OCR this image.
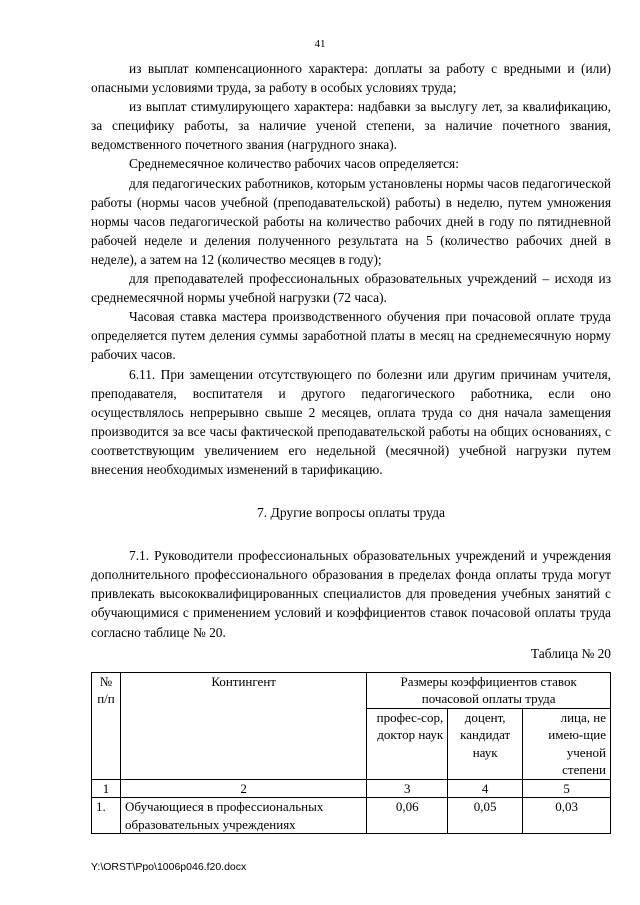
41

из выплат компенсационного характера: доплаты за работу с вредными и (или) опасными условиями труда, за работу в особых условиях труда;

из выплат стимулирующего характера: надбавки за выслугу лет, за квалификацию, за специфику работы, за наличие ученой степени, за наличие почетного звания, ведомственного почетного звания (нагрудного знака).

Среднемесячное количество рабочих часов определяется:

для педагогических работников, которым установлены нормы часов педагогической работы (нормы часов учебной (преподавательской) работы) в неделю, путем умножения нормы часов педагогической работы на количество рабочих дней в году по пятидневной рабочей неделе и деления полученного результата на 5 (количество рабочих дней в неделе), а затем на 12 (количество месяцев в году);

для преподавателей профессиональных образовательных учреждений – исходя из среднемесячной нормы учебной нагрузки (72 часа).

Часовая ставка мастера производственного обучения при почасовой оплате труда определяется путем деления суммы заработной платы в месяц на среднемесячную норму рабочих часов.

6.11. При замещении отсутствующего по болезни или другим причинам учителя, преподавателя, воспитателя и другого педагогического работника, если оно осуществлялось непрерывно свыше 2 месяцев, оплата труда со дня начала замещения производится за все часы фактической преподавательской работы на общих основаниях, с соответствующим увеличением его недельной (месячной) учебной нагрузки путем внесения необходимых изменений в тарификацию.

7. Другие вопросы оплаты труда

7.1. Руководители профессиональных образовательных учреждений и учреждения дополнительного профессионального образования в пределах фонда оплаты труда могут привлекать высококвалифицированных специалистов для проведения учебных занятий с обучающимися с применением условий и коэффициентов ставок почасовой оплаты труда согласно таблице № 20.

Таблица № 20
№ п/п	Контингент	Размеры коэффициентов ставок почасовой оплаты труда		
		профес-сор, доктор наук	доцент, кандидат наук	лица, не имею-щие ученой степени
1	2	3	4	5
1.	Обучающиеся в профессиональных образовательных учреждениях	0,06	0,05	0,03
Y:\ORST\Ppo\1006p046.f20.docx
